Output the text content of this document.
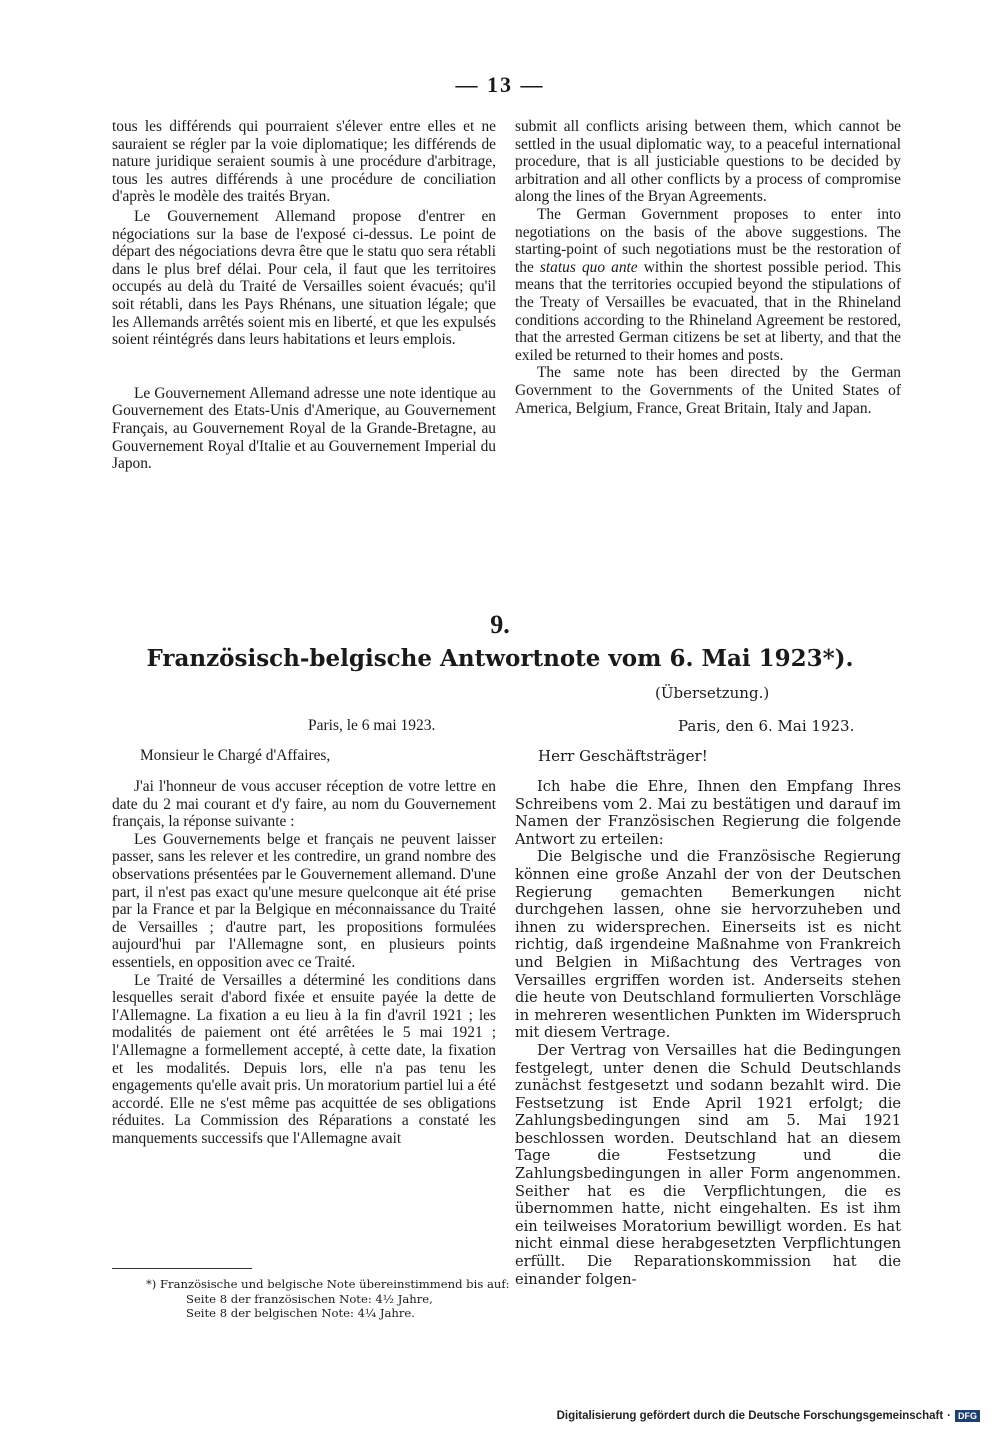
— 13 —

tous les différends qui pourraient s'élever entre elles et ne sauraient se régler par la voie diplomatique; les différends de nature juridique seraient soumis à une procédure d'arbitrage, tous les autres différends à une procédure de conciliation d'après le modèle des traités Bryan.

Le Gouvernement Allemand propose d'entrer en négociations sur la base de l'exposé ci-dessus. Le point de départ des négociations devra être que le statu quo sera rétabli dans le plus bref délai. Pour cela, il faut que les territoires occupés au delà du Traité de Versailles soient évacués; qu'il soit rétabli, dans les Pays Rhénans, une situation légale; que les Allemands arrêtés soient mis en liberté, et que les expulsés soient réintégrés dans leurs habitations et leurs emplois.

Le Gouvernement Allemand adresse une note identique au Gouvernement des Etats-Unis d'Amerique, au Gouvernement Français, au Gouvernement Royal de la Grande-Bretagne, au Gouvernement Royal d'Italie et au Gouvernement Imperial du Japon.

submit all conflicts arising between them, which cannot be settled in the usual diplomatic way, to a peaceful international procedure, that is all justiciable questions to be decided by arbitration and all other conflicts by a process of compromise along the lines of the Bryan Agreements.

The German Government proposes to enter into negotiations on the basis of the above suggestions. The starting-point of such negotiations must be the restoration of the status quo ante within the shortest possible period. This means that the territories occupied beyond the stipulations of the Treaty of Versailles be evacuated, that in the Rhineland conditions according to the Rhineland Agreement be restored, that the arrested German citizens be set at liberty, and that the exiled be returned to their homes and posts.

The same note has been directed by the German Government to the Governments of the United States of America, Belgium, France, Great Britain, Italy and Japan.

9.
Französisch-belgische Antwortnote vom 6. Mai 1923*).
(Übersetzung.)
Paris, le 6 mai 1923.	Paris, den 6. Mai 1923.
Monsieur le Chargé d'Affaires,	Herr Geschäftsträger!

J'ai l'honneur de vous accuser réception de votre lettre en date du 2 mai courant et d'y faire, au nom du Gouvernement français, la réponse suivante :

Les Gouvernements belge et français ne peuvent laisser passer, sans les relever et les contredire, un grand nombre des observations présentées par le Gouvernement allemand. D'une part, il n'est pas exact qu'une mesure quelconque ait été prise par la France et par la Belgique en méconnaissance du Traité de Versailles ; d'autre part, les propositions formulées aujourd'hui par l'Allemagne sont, en plusieurs points essentiels, en opposition avec ce Traité.

Le Traité de Versailles a déterminé les conditions dans lesquelles serait d'abord fixée et ensuite payée la dette de l'Allemagne. La fixation a eu lieu à la fin d'avril 1921 ; les modalités de paiement ont été arrêtées le 5 mai 1921 ; l'Allemagne a formellement accepté, à cette date, la fixation et les modalités. Depuis lors, elle n'a pas tenu les engagements qu'elle avait pris. Un moratorium partiel lui a été accordé. Elle ne s'est même pas acquittée de ses obligations réduites. La Commission des Réparations a constaté les manquements successifs que l'Allemagne avait

Ich habe die Ehre, Ihnen den Empfang Ihres Schreibens vom 2. Mai zu bestätigen und darauf im Namen der Französischen Regierung die folgende Antwort zu erteilen:

Die Belgische und die Französische Regierung können eine große Anzahl der von der Deutschen Regierung gemachten Bemerkungen nicht durchgehen lassen, ohne sie hervorzuheben und ihnen zu widersprechen. Einerseits ist es nicht richtig, daß irgendeine Maßnahme von Frankreich und Belgien in Mißachtung des Vertrages von Versailles ergriffen worden ist. Anderseits stehen die heute von Deutschland formulierten Vorschläge in mehreren wesentlichen Punkten im Widerspruch mit diesem Vertrage.

Der Vertrag von Versailles hat die Bedingungen festgelegt, unter denen die Schuld Deutschlands zunächst festgesetzt und sodann bezahlt wird. Die Festsetzung ist Ende April 1921 erfolgt; die Zahlungsbedingungen sind am 5. Mai 1921 beschlossen worden. Deutschland hat an diesem Tage die Festsetzung und die Zahlungsbedingungen in aller Form angenommen. Seither hat es die Verpflichtungen, die es übernommen hatte, nicht eingehalten. Es ist ihm ein teilweises Moratorium bewilligt worden. Es hat nicht einmal diese herabgesetzten Verpflichtungen erfüllt. Die Reparationskommission hat die einander folgen-

*) Französische und belgische Note übereinstimmend bis auf:
Seite 8 der französischen Note: 4½ Jahre,
Seite 8 der belgischen Note: 4¼ Jahre.
Digitalisierung gefördert durch die Deutsche Forschungsgemeinschaft · DFG
